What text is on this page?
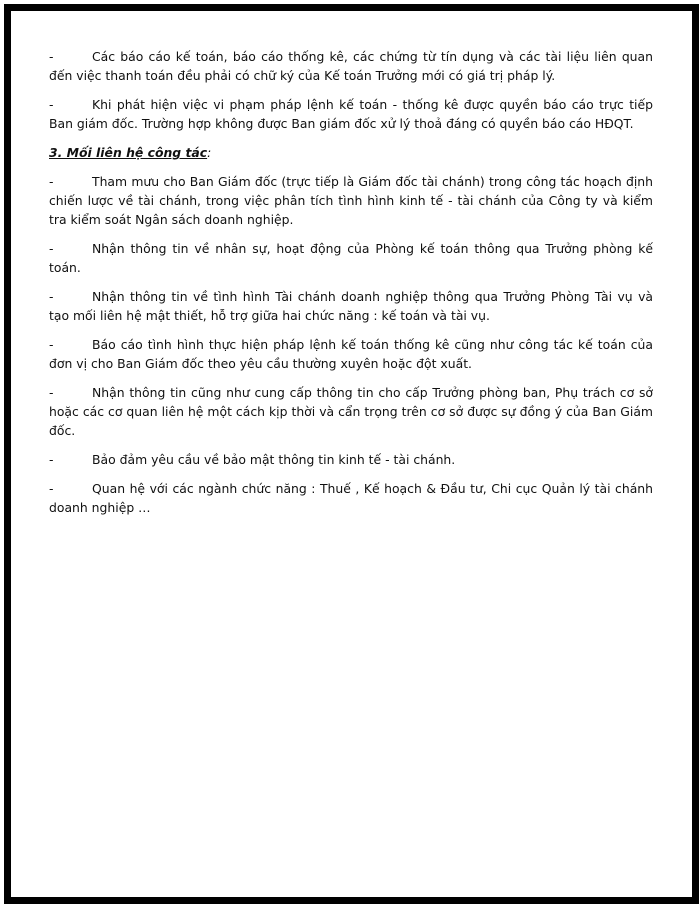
-	Các báo cáo kế toán, báo cáo thống kê, các chứng từ tín dụng và các tài liệu liên quan đến việc thanh toán đều phải có chữ ký của Kế toán Trưởng mới có giá trị pháp lý.

-	Khi phát hiện việc vi phạm pháp lệnh kế toán - thống kê được quyền báo cáo trực tiếp Ban giám đốc. Trường hợp không được Ban giám đốc xử lý thoả đáng có quyền báo cáo HĐQT.

3. Mối liên hệ công tác:

-	Tham mưu cho Ban Giám đốc (trực tiếp là Giám đốc tài chánh) trong công tác hoạch định chiến lược về tài chánh, trong việc phân tích tình hình kinh tế - tài chánh của Công ty và kiểm tra kiểm soát Ngân sách doanh nghiệp.

-	Nhận thông tin về nhân sự, hoạt động của Phòng kế toán thông qua Trưởng phòng kế toán.

-	Nhận thông tin về tình hình Tài chánh doanh nghiệp thông qua Trưởng Phòng Tài vụ và tạo mối liên hệ mật thiết, hỗ trợ giữa hai chức năng : kế toán và tài vụ.

-	Báo cáo tình hình thực hiện pháp lệnh kế toán thống kê cũng như công tác kế toán của đơn vị cho Ban Giám đốc theo yêu cầu thường xuyên hoặc đột xuất.

-	Nhận thông tin cũng như cung cấp thông tin cho cấp Trưởng phòng ban, Phụ trách cơ sở hoặc các cơ quan liên hệ một cách kịp thời và cẩn trọng trên cơ sở được sự đồng ý của Ban Giám đốc.

-	Bảo đảm yêu cầu về bảo mật thông tin kinh tế - tài chánh.

-	Quan hệ với các ngành chức năng : Thuế , Kế hoạch & Đầu tư, Chi cục Quản lý tài chánh doanh nghiệp …
